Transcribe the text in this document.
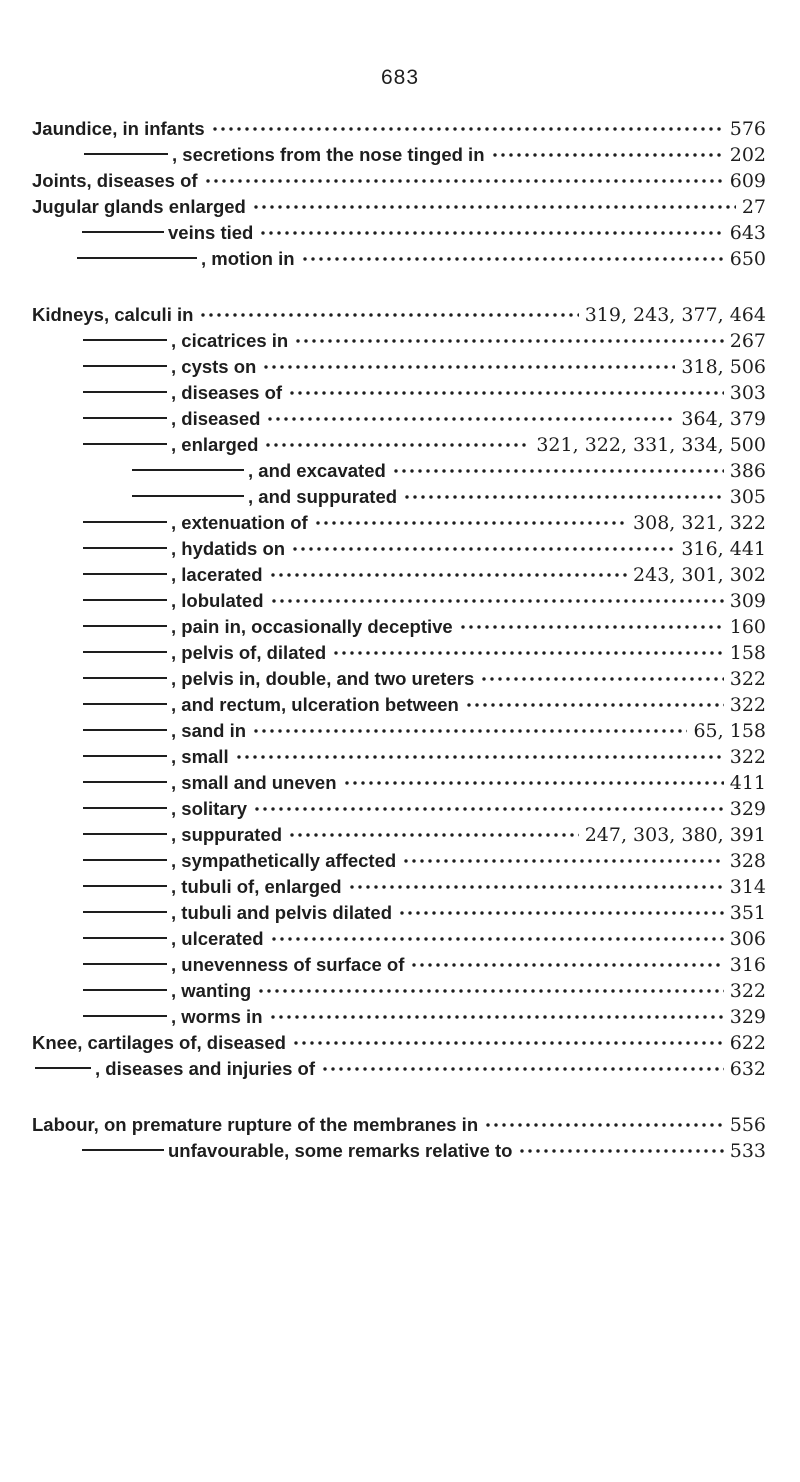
683
Jaundice, in infants	576
, secretions from the nose tinged in	202
Joints, diseases of	609
Jugular glands enlarged	27
veins tied	643
, motion in	650
Kidneys, calculi in	319, 243, 377, 464
, cicatrices in	267
, cysts on	318, 506
, diseases of	303
, diseased	364, 379
, enlarged	321, 322, 331, 334, 500
, and excavated	386
, and suppurated	305
, extenuation of	308, 321, 322
, hydatids on	316, 441
, lacerated	243, 301, 302
, lobulated	309
, pain in, occasionally deceptive	160
, pelvis of, dilated	158
, pelvis in, double, and two ureters	322
, and rectum, ulceration between	322
, sand in	65, 158
, small	322
, small and uneven	411
, solitary	329
, suppurated	247, 303, 380, 391
, sympathetically affected	328
, tubuli of, enlarged	314
, tubuli and pelvis dilated	351
, ulcerated	306
, unevenness of surface of	316
, wanting	322
, worms in	329
Knee, cartilages of, diseased	622
, diseases and injuries of	632
Labour, on premature rupture of the membranes in	556
unfavourable, some remarks relative to	533
